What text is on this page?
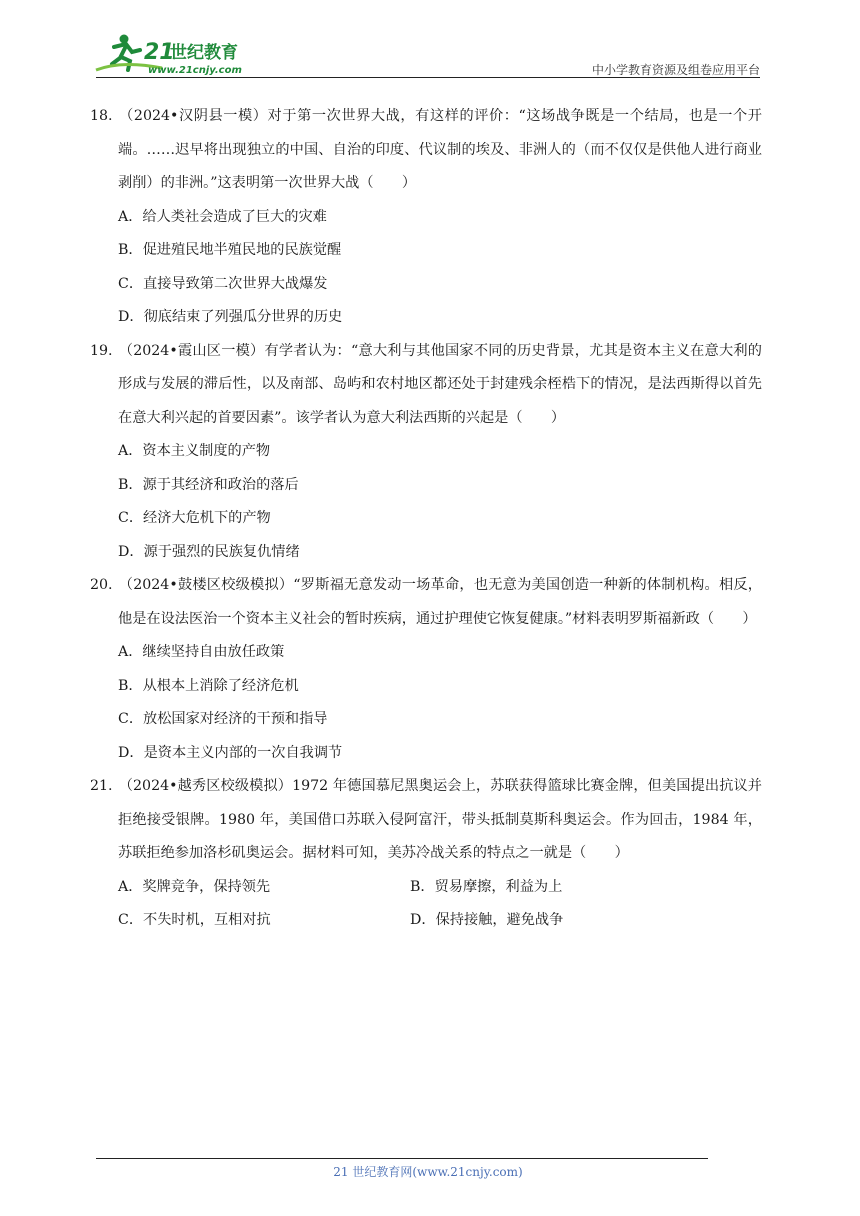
21
世纪教育
www.21cnjy.com	中小学教育资源及组卷应用平台

18. （2024•汉阴县一模）对于第一次世界大战，有这样的评价：“这场战争既是一个结局，也是一个开端。……迟早将出现独立的中国、自治的印度、代议制的埃及、非洲人的（而不仅仅是供他人进行商业剥削）的非洲。”这表明第一次世界大战（　　）

A．给人类社会造成了巨大的灾难

B．促进殖民地半殖民地的民族觉醒

C．直接导致第二次世界大战爆发

D．彻底结束了列强瓜分世界的历史

19. （2024•霞山区一模）有学者认为：“意大利与其他国家不同的历史背景，尤其是资本主义在意大利的形成与发展的滞后性，以及南部、岛屿和农村地区都还处于封建残余桎梏下的情况，是法西斯得以首先在意大利兴起的首要因素”。该学者认为意大利法西斯的兴起是（　　）

A．资本主义制度的产物

B．源于其经济和政治的落后

C．经济大危机下的产物

D．源于强烈的民族复仇情绪

20. （2024•鼓楼区校级模拟）“罗斯福无意发动一场革命，也无意为美国创造一种新的体制机构。相反，他是在设法医治一个资本主义社会的暂时疾病，通过护理使它恢复健康。”材料表明罗斯福新政（　　）

A．继续坚持自由放任政策

B．从根本上消除了经济危机

C．放松国家对经济的干预和指导

D．是资本主义内部的一次自我调节

21. （2024•越秀区校级模拟）1972 年德国慕尼黑奥运会上，苏联获得篮球比赛金牌，但美国提出抗议并拒绝接受银牌。1980 年，美国借口苏联入侵阿富汗，带头抵制莫斯科奥运会。作为回击，1984 年，苏联拒绝参加洛杉矶奥运会。据材料可知，美苏冷战关系的特点之一就是（　　）

A．奖牌竞争，保持领先	B．贸易摩擦，利益为上
C．不失时机，互相对抗	D．保持接触，避免战争
21 世纪教育网(www.21cnjy.com)
